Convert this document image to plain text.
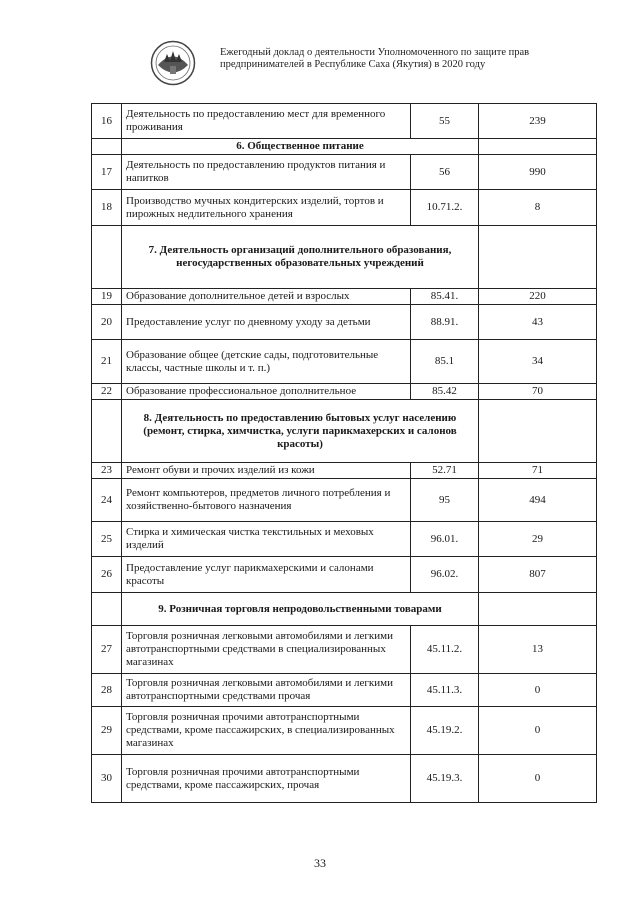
Ежегодный доклад о деятельности Уполномоченного по защите прав
предпринимателей в Республике Саха (Якутия) в 2020 году
16	Деятельность по предоставлению мест для временного проживания	55	239
	6. Общественное питание		
17	Деятельность по предоставлению продуктов питания и напитков	56	990
18	Производство мучных кондитерских изделий, тортов и пирожных недлительного хранения	10.71.2.	8
	7. Деятельность организаций дополнительного образования, негосударственных образовательных учреждений		
19	Образование дополнительное детей и взрослых	85.41.	220
20	Предоставление услуг по дневному уходу за детьми	88.91.	43
21	Образование общее (детские сады, подготовительные классы, частные школы и т. п.)	85.1	34
22	Образование профессиональное дополнительное	85.42	70
	8. Деятельность по предоставлению бытовых услуг населению (ремонт, стирка, химчистка, услуги парикмахерских и салонов красоты)		
23	Ремонт обуви и прочих изделий из кожи	52.71	71
24	Ремонт компьютеров, предметов личного потребления и хозяйственно-бытового назначения	95	494
25	Стирка и химическая чистка текстильных и меховых изделий	96.01.	29
26	Предоставление услуг парикмахерскими и салонами красоты	96.02.	807
	9. Розничная торговля непродовольственными товарами		
27	Торговля розничная легковыми автомобилями и легкими автотранспортными средствами в специализированных магазинах	45.11.2.	13
28	Торговля розничная легковыми автомобилями и легкими автотранспортными средствами прочая	45.11.3.	0
29	Торговля розничная прочими автотранспортными средствами, кроме пассажирских, в специализированных магазинах	45.19.2.	0
30	Торговля розничная прочими автотранспортными средствами, кроме пассажирских, прочая	45.19.3.	0
33
